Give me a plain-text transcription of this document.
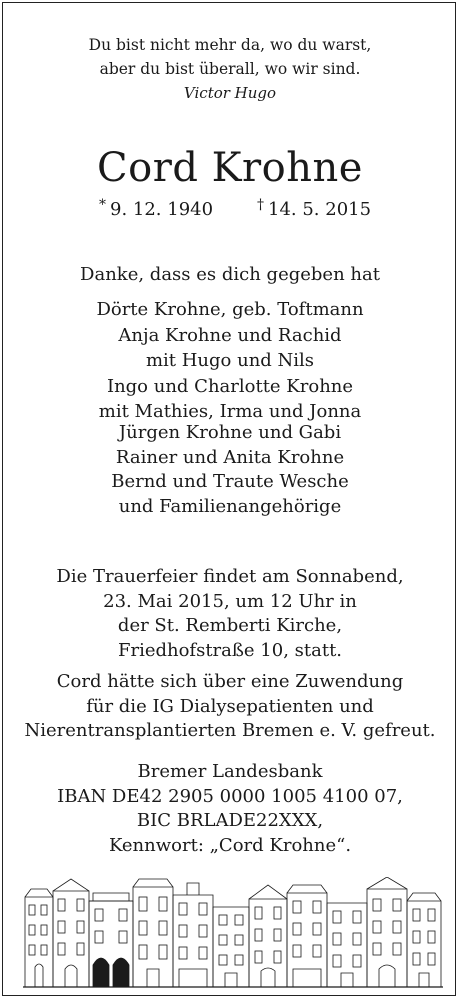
Du bist nicht mehr da, wo du warst,
aber du bist überall, wo wir sind.
Victor Hugo
Cord Krohne
* 9. 12. 1940	† 14. 5. 2015
Danke, dass es dich gegeben hat
Dörte Krohne, geb. Toftmann
Anja Krohne und Rachid
mit Hugo und Nils
Ingo und Charlotte Krohne
mit Mathies, Irma und Jonna
Jürgen Krohne und Gabi
Rainer und Anita Krohne
Bernd und Traute Wesche
und Familienangehörige
Die Trauerfeier findet am Sonnabend,
23. Mai 2015, um 12 Uhr in
der St. Remberti Kirche,
Friedhofstraße 10, statt.
Cord hätte sich über eine Zuwendung
für die IG Dialysepatienten und
Nierentransplantierten Bremen e. V. gefreut.
Bremer Landesbank
IBAN DE42 2905 0000 1005 4100 07,
BIC BRLADE22XXX,
Kennwort: „Cord Krohne“.
